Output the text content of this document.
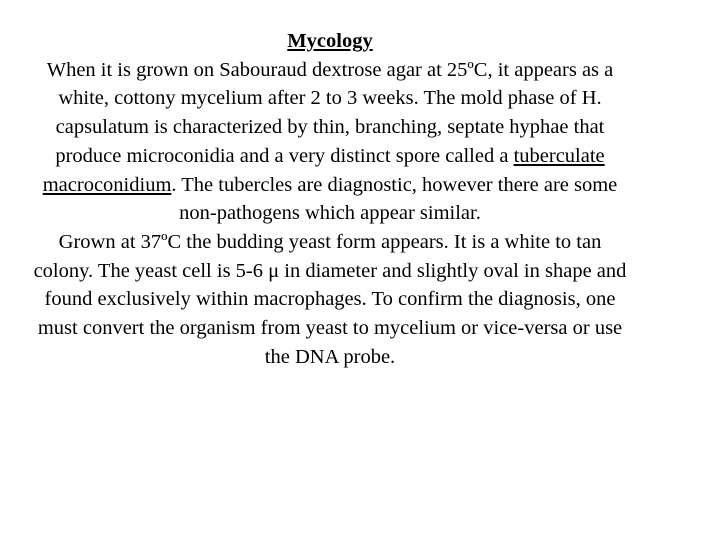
Mycology

When it is grown on Sabouraud dextrose agar at 25ºC, it appears as a white, cottony mycelium after 2 to 3 weeks. The mold phase of H. capsulatum is characterized by thin, branching, septate hyphae that produce microconidia and a very distinct spore called a tuberculate macroconidium. The tubercles are diagnostic, however there are some non-pathogens which appear similar.

Grown at 37ºC the budding yeast form appears. It is a white to tan colony. The yeast cell is 5-6 μ in diameter and slightly oval in shape and found exclusively within macrophages. To confirm the diagnosis, one must convert the organism from yeast to mycelium or vice-versa or use the DNA probe.
